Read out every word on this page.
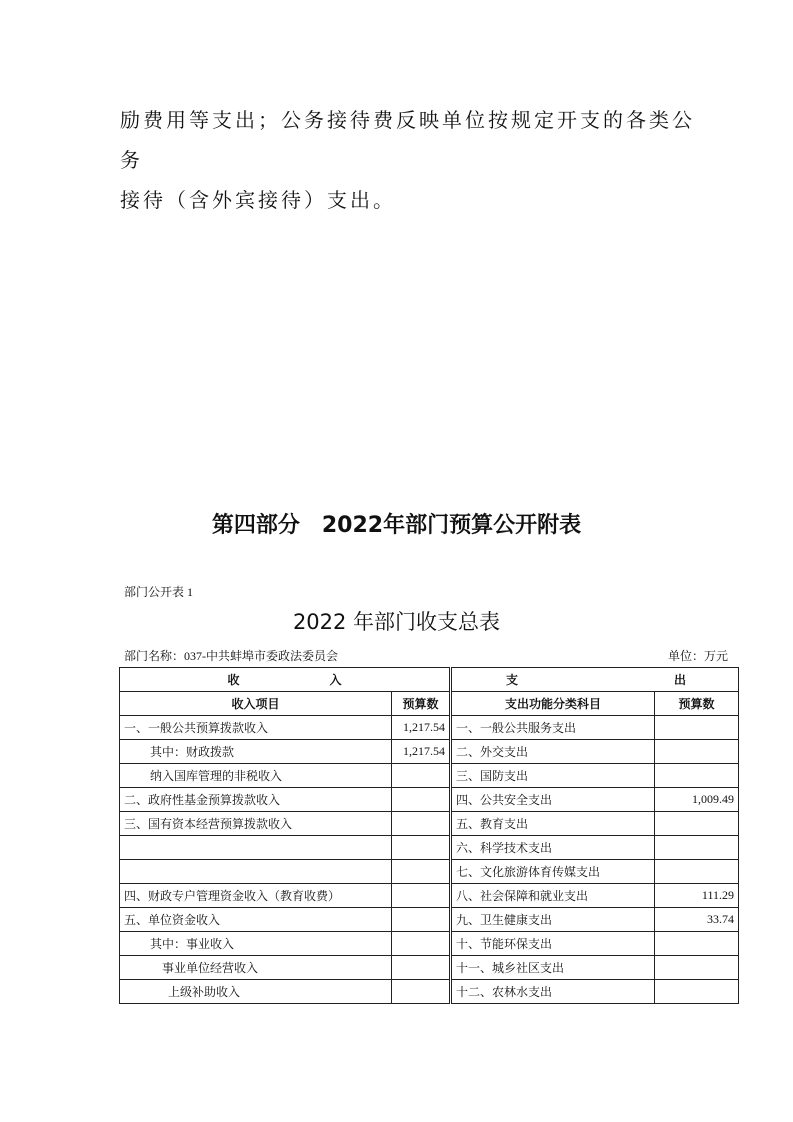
励费用等支出；公务接待费反映单位按规定开支的各类公务

接待（含外宾接待）支出。

第四部分　2022年部门预算公开附表
部门公开表 1
2022 年部门收支总表
部门名称：037-中共蚌埠市委政法委员会	单位：万元
收 入		支 出	
收入项目	预算数	支出功能分类科目	预算数
一、一般公共预算拨款收入	1,217.54	一、一般公共服务支出	
其中：财政拨款	1,217.54	二、外交支出	
纳入国库管理的非税收入		三、国防支出	
二、政府性基金预算拨款收入		四、公共安全支出	1,009.49
三、国有资本经营预算拨款收入		五、教育支出	
		六、科学技术支出	
		七、文化旅游体育传媒支出	
四、财政专户管理资金收入（教育收费）		八、社会保障和就业支出	111.29
五、单位资金收入		九、卫生健康支出	33.74
其中：事业收入		十、节能环保支出	
事业单位经营收入		十一、城乡社区支出	
上级补助收入		十二、农林水支出	
